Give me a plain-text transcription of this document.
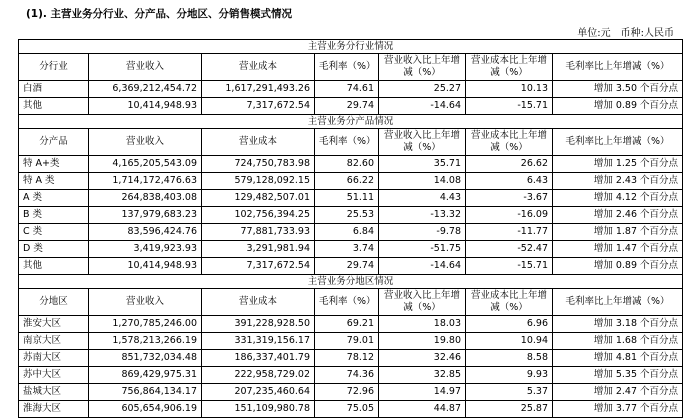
(1). 主营业务分行业、分产品、分地区、分销售模式情况
单位:元　币种:人民币
主营业务分行业情况						
分行业	营业收入	营业成本	毛利率（%）	营业收入比上年增减（%）	营业成本比上年增减（%）	毛利率比上年增减（%）
白酒	6,369,212,454.72	1,617,291,493.26	74.61	25.27	10.13	增加 3.50 个百分点
其他	10,414,948.93	7,317,672.54	29.74	-14.64	-15.71	增加 0.89 个百分点
主营业务分产品情况						
分产品	营业收入	营业成本	毛利率（%）	营业收入比上年增减（%）	营业成本比上年增减（%）	毛利率比上年增减（%）
特 A+类	4,165,205,543.09	724,750,783.98	82.60	35.71	26.62	增加 1.25 个百分点
特 A 类	1,714,172,476.63	579,128,092.15	66.22	14.08	6.43	增加 2.43 个百分点
A 类	264,838,403.08	129,482,507.01	51.11	4.43	-3.67	增加 4.12 个百分点
B 类	137,979,683.23	102,756,394.25	25.53	-13.32	-16.09	增加 2.46 个百分点
C 类	83,596,424.76	77,881,733.93	6.84	-9.78	-11.77	增加 1.87 个百分点
D 类	3,419,923.93	3,291,981.94	3.74	-51.75	-52.47	增加 1.47 个百分点
其他	10,414,948.93	7,317,672.54	29.74	-14.64	-15.71	增加 0.89 个百分点
主营业务分地区情况						
分地区	营业收入	营业成本	毛利率（%）	营业收入比上年增减（%）	营业成本比上年增减（%）	毛利率比上年增减（%）
淮安大区	1,270,785,246.00	391,228,928.50	69.21	18.03	6.96	增加 3.18 个百分点
南京大区	1,578,213,266.19	331,319,156.17	79.01	19.80	10.94	增加 1.68 个百分点
苏南大区	851,732,034.48	186,337,401.79	78.12	32.46	8.58	增加 4.81 个百分点
苏中大区	869,429,975.31	222,958,729.02	74.36	32.85	9.93	增加 5.35 个百分点
盐城大区	756,864,134.17	207,235,460.64	72.96	14.97	5.37	增加 2.47 个百分点
淮海大区	605,654,906.19	151,109,980.78	75.05	44.87	25.87	增加 3.77 个百分点
